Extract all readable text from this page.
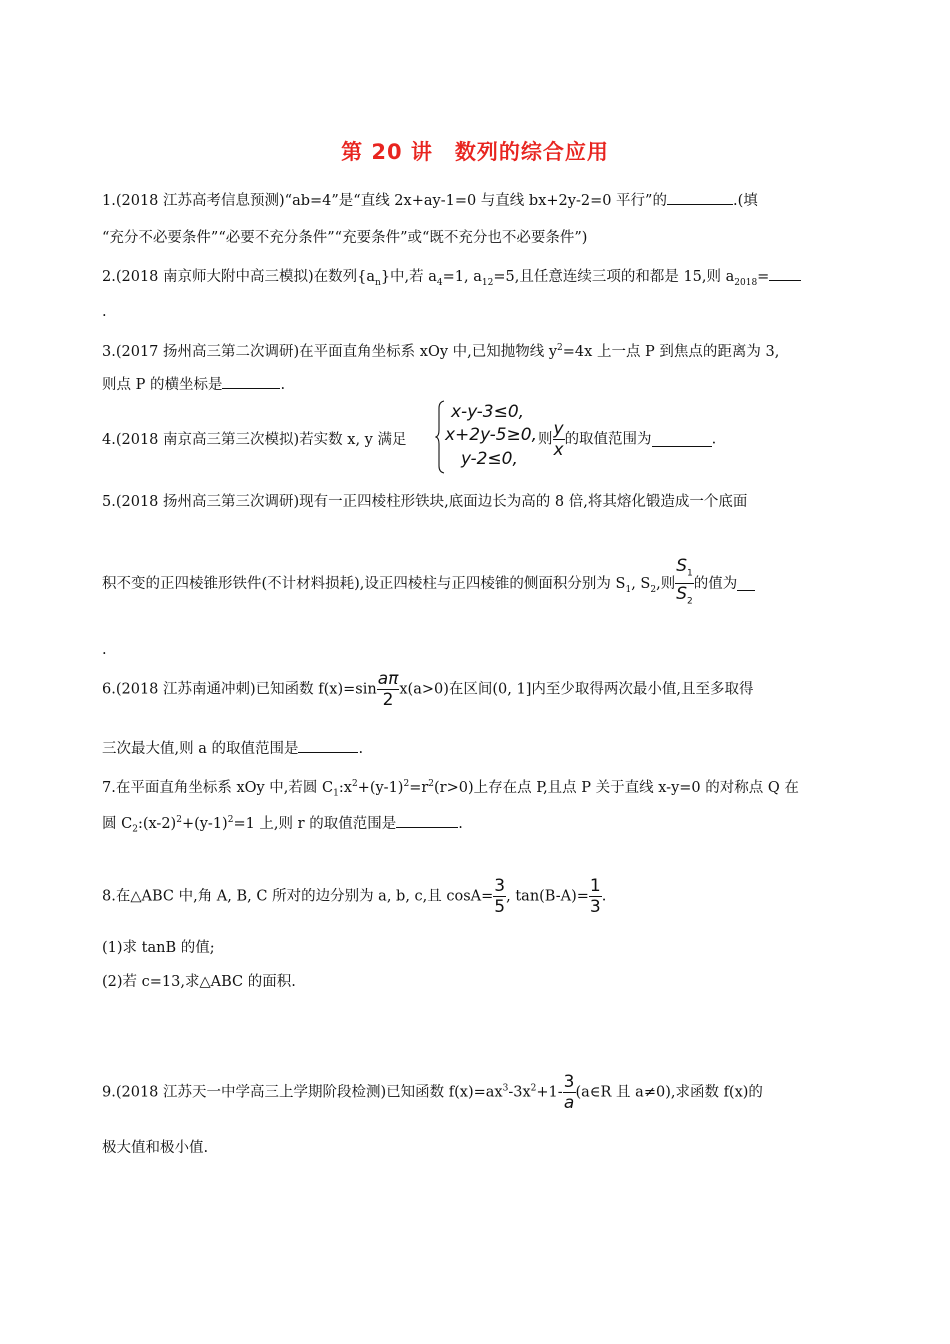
第 20 讲　数列的综合应用
1.(2018 江苏高考信息预测)“ab=4”是“直线 2x+ay-1=0 与直线 bx+2y-2=0 平行”的	.(填
“充分不必要条件”“必要不充分条件”“充要条件”或“既不充分也不必要条件”)
2.(2018 南京师大附中高三模拟)在数列$\{a_n\}$中,若 $a_4=1$, $a_{12}=5$,且任意连续三项的和都是 15,则 $a_{2018}=$
.
3.(2017 扬州高三第二次调研)在平面直角坐标系 xOy 中,已知抛物线 $y^2=4x$ 上一点 P 到焦点的距离为 3,
则点 P 的横坐标是	.
4.(2018 南京高三第三次模拟)若实数 x, y 满足
x-y-3≤0,
x+2y-5≥0,
y-2≤0,
则 $\frac{y}{x}$ 的取值范围为	.
5.(2018 扬州高三第三次调研)现有一正四棱柱形铁块,底面边长为高的 8 倍,将其熔化锻造成一个底面
积不变的正四棱锥形铁件(不计材料损耗),设正四棱柱与正四棱锥的侧面积分别为 $S_1$, $S_2$,则 $\frac{S_1}{S_2}$ 的值为
.
6.(2018 江苏南通冲刺)已知函数 $f(x)=\sin \frac{a\pi}{2} x(a>0)$在区间(0, 1]内至少取得两次最小值,且至多取得
三次最大值,则 a 的取值范围是	.
7.在平面直角坐标系 xOy 中,若圆 $C_1:x^2+(y-1)^2=r^2(r>0)$上存在点 P,且点 P 关于直线 x-y=0 的对称点 Q 在
圆 $C_2:(x-2)^2+(y-1)^2=1$ 上,则 r 的取值范围是	.
8.在△ABC 中,角 A, B, C 所对的边分别为 a, b, c,且 $\cos A= \frac{3}{5}$ , $\tan(B-A)= \frac{1}{3}$ .
(1)求 tanB 的值;
(2)若 c=13,求△ABC 的面积.
9.(2018 江苏天一中学高三上学期阶段检测)已知函数 $f(x)=ax^3-3x^2+1- \frac{3}{a}$ (a∈R 且 a≠0),求函数 f(x)的
极大值和极小值.
